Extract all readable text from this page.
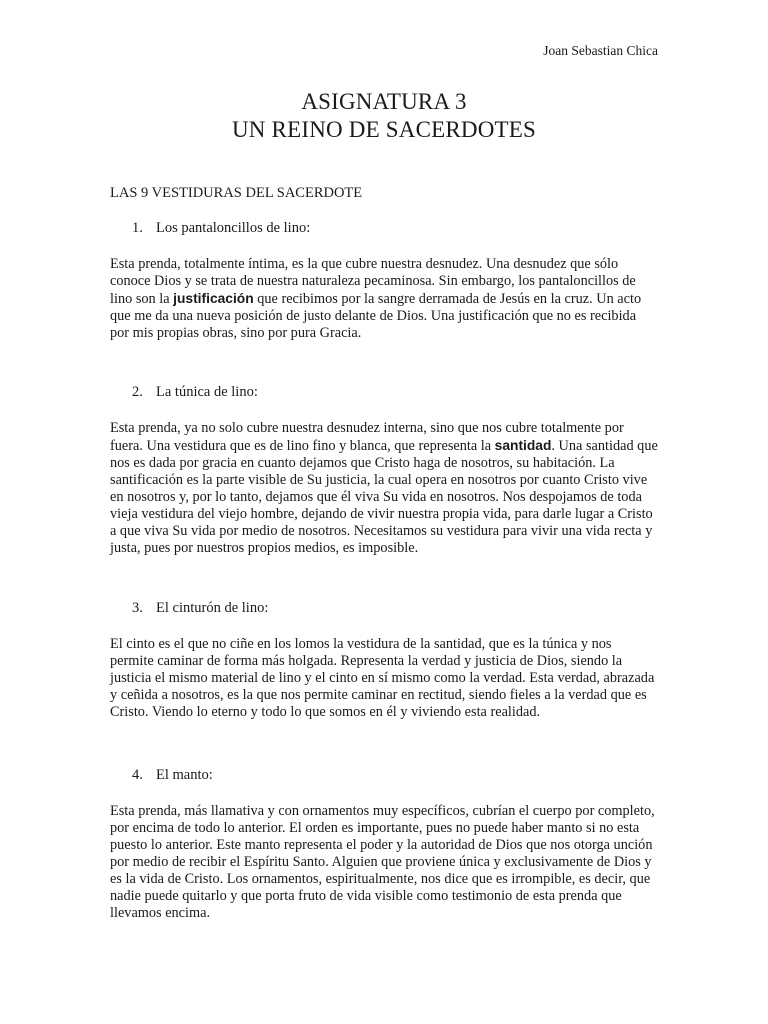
Joan Sebastian Chica
ASIGNATURA 3
UN REINO DE SACERDOTES
LAS 9 VESTIDURAS DEL SACERDOTE
1. Los pantaloncillos de lino:
Esta prenda, totalmente íntima, es la que cubre nuestra desnudez. Una desnudez que sólo conoce Dios y se trata de nuestra naturaleza pecaminosa. Sin embargo, los pantaloncillos de lino son la justificación que recibimos por la sangre derramada de Jesús en la cruz. Un acto que me da una nueva posición de justo delante de Dios. Una justificación que no es recibida por mis propias obras, sino por pura Gracia.
2. La túnica de lino:
Esta prenda, ya no solo cubre nuestra desnudez interna, sino que nos cubre totalmente por fuera. Una vestidura que es de lino fino y blanca, que representa la santidad. Una santidad que nos es dada por gracia en cuanto dejamos que Cristo haga de nosotros, su habitación. La santificación es la parte visible de Su justicia, la cual opera en nosotros por cuanto Cristo vive en nosotros y, por lo tanto, dejamos que él viva Su vida en nosotros. Nos despojamos de toda vieja vestidura del viejo hombre, dejando de vivir nuestra propia vida, para darle lugar a Cristo a que viva Su vida por medio de nosotros. Necesitamos su vestidura para vivir una vida recta y justa, pues por nuestros propios medios, es imposible.
3. El cinturón de lino:
El cinto es el que no ciñe en los lomos la vestidura de la santidad, que es la túnica y nos permite caminar de forma más holgada. Representa la verdad y justicia de Dios, siendo la justicia el mismo material de lino y el cinto en sí mismo como la verdad. Esta verdad, abrazada y ceñida a nosotros, es la que nos permite caminar en rectitud, siendo fieles a la verdad que es Cristo. Viendo lo eterno y todo lo que somos en él y viviendo esta realidad.
4. El manto:
Esta prenda, más llamativa y con ornamentos muy específicos, cubrían el cuerpo por completo, por encima de todo lo anterior. El orden es importante, pues no puede haber manto si no esta puesto lo anterior. Este manto representa el poder y la autoridad de Dios que nos otorga unción por medio de recibir el Espíritu Santo. Alguien que proviene única y exclusivamente de Dios y es la vida de Cristo. Los ornamentos, espiritualmente, nos dice que es irrompible, es decir, que nadie puede quitarlo y que porta fruto de vida visible como testimonio de esta prenda que llevamos encima.
